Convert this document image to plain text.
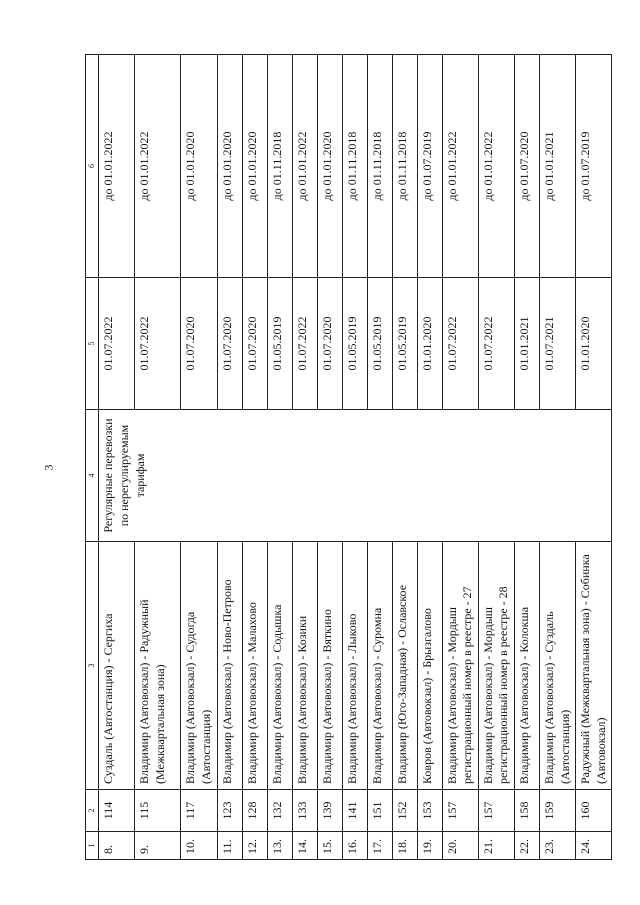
3
1	2	3	4	5	6
8.	114	Суздаль (Автостанция) - Сергиха	Регулярные перевозки по нерегулируемым тарифам	01.07.2022	до 01.01.2022
9.	115	Владимир (Автовокзал) - Радужный (Межквартальная зона)		01.07.2022	до 01.01.2022
10.	117	Владимир (Автовокзал) - Судогда (Автостанция)		01.07.2020	до 01.01.2020
11.	123	Владимир (Автовокзал) - Ново-Петрово		01.07.2020	до 01.01.2020
12.	128	Владимир (Автовокзал) - Малахово		01.07.2020	до 01.01.2020
13.	132	Владимир (Автовокзал) - Содышка		01.05.2019	до 01.11.2018
14.	133	Владимир (Автовокзал) - Козики		01.07.2022	до 01.01.2022
15.	139	Владимир (Автовокзал) - Вяткино		01.07.2020	до 01.01.2020
16.	141	Владимир (Автовокзал) - Лыково		01.05.2019	до 01.11.2018
17.	151	Владимир (Автовокзал) - Суромна		01.05.2019	до 01.11.2018
18.	152	Владимир (Юго-Западная) - Ославское		01.05.2019	до 01.11.2018
19.	153	Ковров (Автовокзал) - Брызгалово		01.01.2020	до 01.07.2019
20.	157	Владимир (Автовокзал) - Мордыш регистрационный номер в реестре - 27		01.07.2022	до 01.01.2022
21.	157	Владимир (Автовокзал) - Мордыш регистрационный номер в реестре - 28		01.07.2022	до 01.01.2022
22.	158	Владимир (Автовокзал) - Колокша		01.01.2021	до 01.07.2020
23.	159	Владимир (Автовокзал) - Суздаль (Автостанция)		01.07.2021	до 01.01.2021
24.	160	Радужный (Межквартальная зона) - Собинка (Автовокзал)		01.01.2020	до 01.07.2019
